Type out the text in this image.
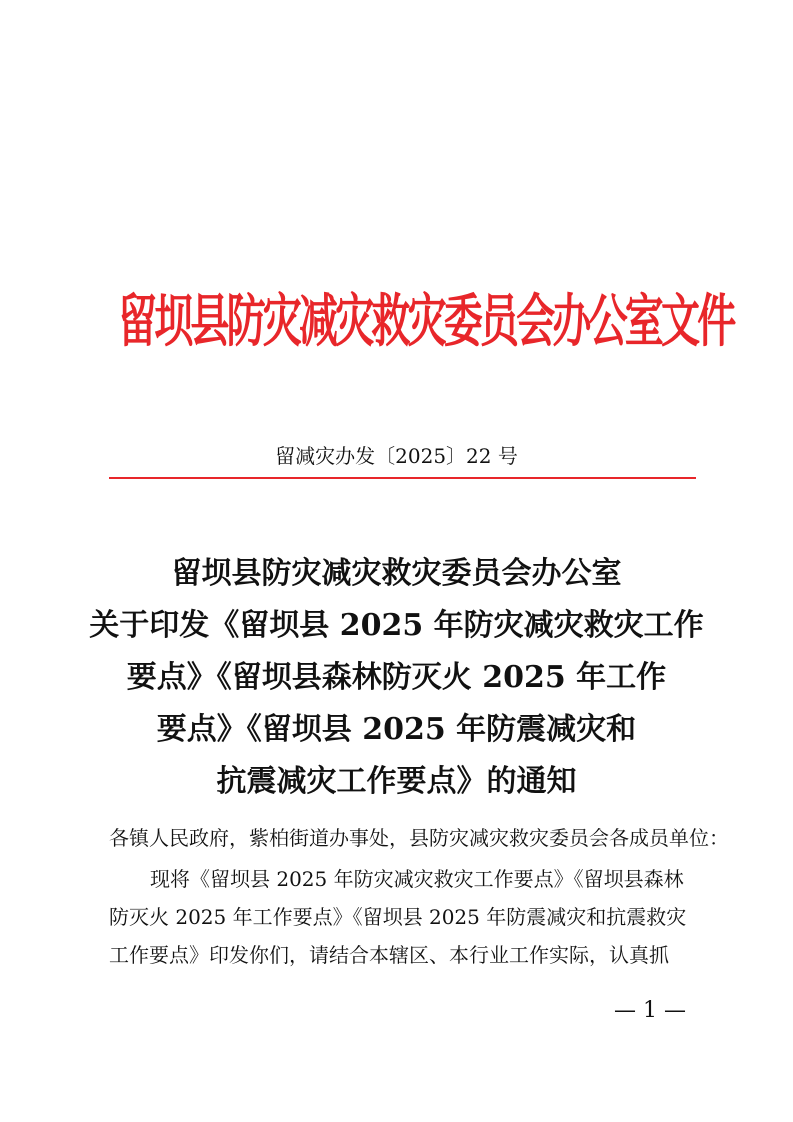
留坝县防灾减灾救灾委员会办公室文件
留减灾办发〔2025〕22 号
留坝县防灾减灾救灾委员会办公室
关于印发《留坝县 2025 年防灾减灾救灾工作
要点》《留坝县森林防灭火 2025 年工作
要点》《留坝县 2025 年防震减灾和
抗震减灾工作要点》的通知
各镇人民政府，紫柏街道办事处，县防灾减灾救灾委员会各成员单位：
现将《留坝县 2025 年防灾减灾救灾工作要点》《留坝县森林
防灭火 2025 年工作要点》《留坝县 2025 年防震减灾和抗震救灾
工作要点》印发你们，请结合本辖区、本行业工作实际，认真抓
— 1 —
